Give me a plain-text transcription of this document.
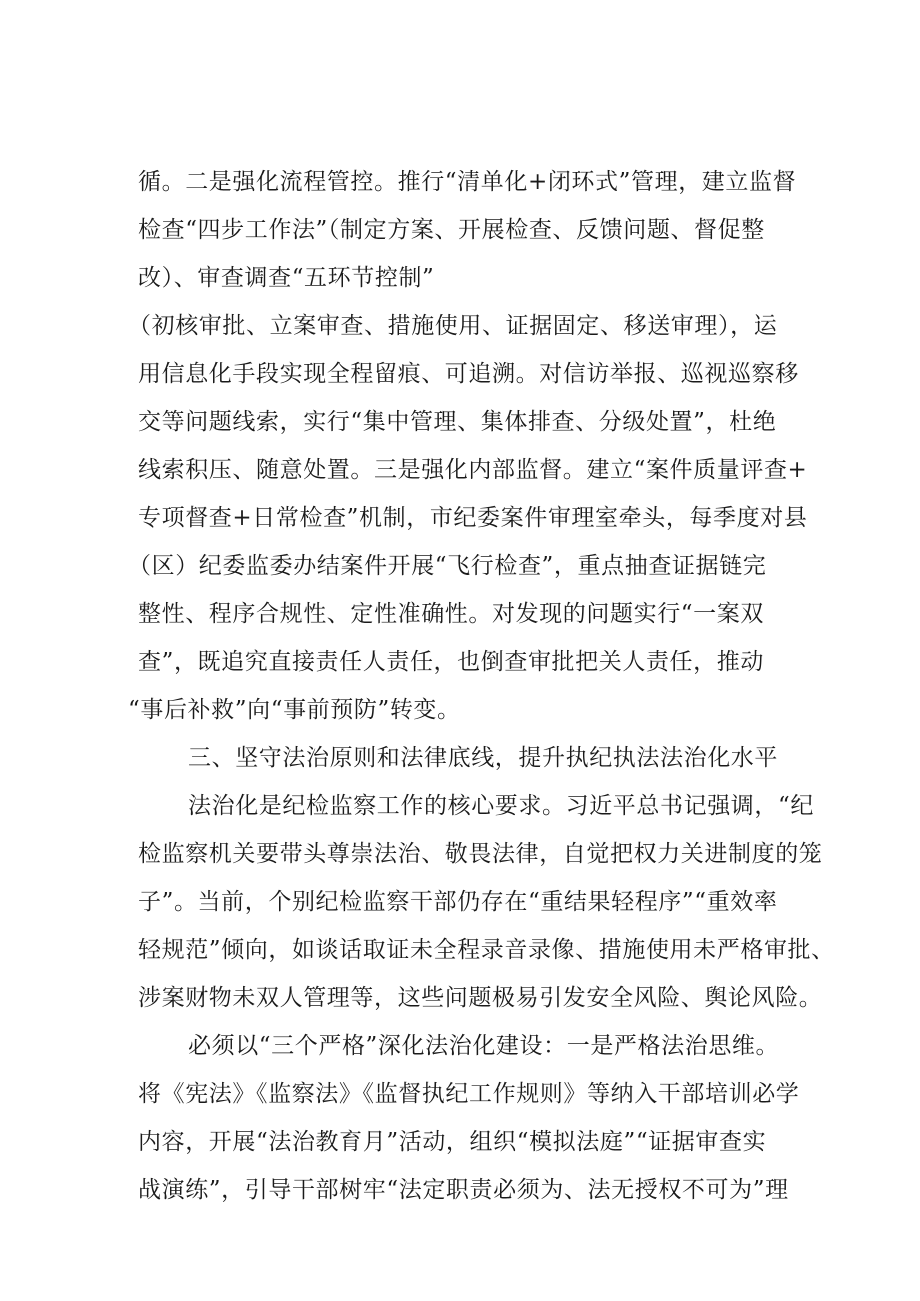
循。二是强化流程管控。推行“清单化+闭环式”管理，建立监督
检查“四步工作法”（制定方案、开展检查、反馈问题、督促整
改）、审查调查“五环节控制”
（初核审批、立案审查、措施使用、证据固定、移送审理），运
用信息化手段实现全程留痕、可追溯。对信访举报、巡视巡察移
交等问题线索，实行“集中管理、集体排查、分级处置”，杜绝
线索积压、随意处置。三是强化内部监督。建立“案件质量评查+
专项督查+日常检查”机制，市纪委案件审理室牵头，每季度对县
（区）纪委监委办结案件开展“飞行检查”，重点抽查证据链完
整性、程序合规性、定性准确性。对发现的问题实行“一案双
查”，既追究直接责任人责任，也倒查审批把关人责任，推动
“事后补救”向“事前预防”转变。
三、坚守法治原则和法律底线，提升执纪执法法治化水平
法治化是纪检监察工作的核心要求。习近平总书记强调，“纪
检监察机关要带头尊崇法治、敬畏法律，自觉把权力关进制度的笼
子”。当前，个别纪检监察干部仍存在“重结果轻程序”“重效率
轻规范”倾向，如谈话取证未全程录音录像、措施使用未严格审批、
涉案财物未双人管理等，这些问题极易引发安全风险、舆论风险。
必须以“三个严格”深化法治化建设：一是严格法治思维。
将《宪法》《监察法》《监督执纪工作规则》等纳入干部培训必学
内容，开展“法治教育月”活动，组织“模拟法庭”“证据审查实
战演练”，引导干部树牢“法定职责必须为、法无授权不可为”理
